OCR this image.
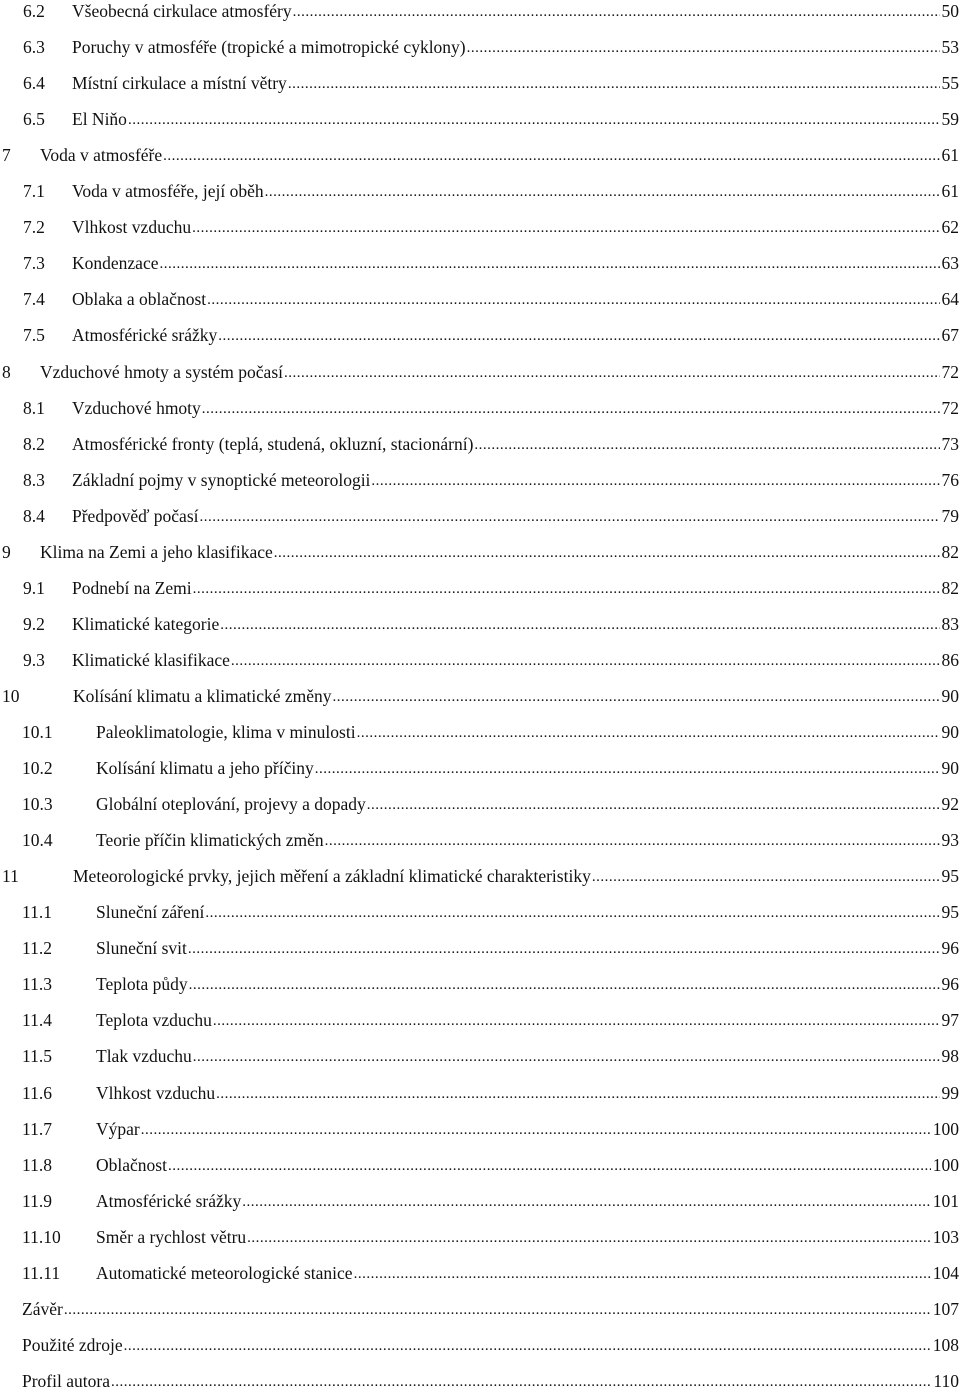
6.2	Všeobecná cirkulace atmosféry .....	50
6.3	Poruchy v atmosféře (tropické a mimotropické cyklony) .....	53
6.4	Místní cirkulace a místní větry .....	55
6.5	El Niňo .....	59
7	Voda v atmosféře .....	61
7.1	Voda v atmosféře, její oběh .....	61
7.2	Vlhkost vzduchu .....	62
7.3	Kondenzace .....	63
7.4	Oblaka a oblačnost .....	64
7.5	Atmosférické srážky .....	67
8	Vzduchové hmoty a systém počasí .....	72
8.1	Vzduchové hmoty .....	72
8.2	Atmosférické fronty (teplá, studená, okluzní, stacionární) .....	73
8.3	Základní pojmy v synoptické meteorologii .....	76
8.4	Předpověď počasí .....	79
9	Klima na Zemi a jeho klasifikace .....	82
9.1	Podnebí na Zemi .....	82
9.2	Klimatické kategorie .....	83
9.3	Klimatické klasifikace .....	86
10	Kolísání klimatu a klimatické změny .....	90
10.1	Paleoklimatologie, klima v minulosti .....	90
10.2	Kolísání klimatu a jeho příčiny .....	90
10.3	Globální oteplování, projevy a dopady .....	92
10.4	Teorie příčin klimatických změn .....	93
11	Meteorologické prvky, jejich měření a základní klimatické charakteristiky .....	95
11.1	Sluneční záření .....	95
11.2	Sluneční svit .....	96
11.3	Teplota půdy .....	96
11.4	Teplota vzduchu .....	97
11.5	Tlak vzduchu .....	98
11.6	Vlhkost vzduchu .....	99
11.7	Výpar .....	100
11.8	Oblačnost .....	100
11.9	Atmosférické srážky .....	101
11.10	Směr a rychlost větru .....	103
11.11	Automatické meteorologické stanice .....	104
Závěr .....	107
Použité zdroje .....	108
Profil autora .....	110
